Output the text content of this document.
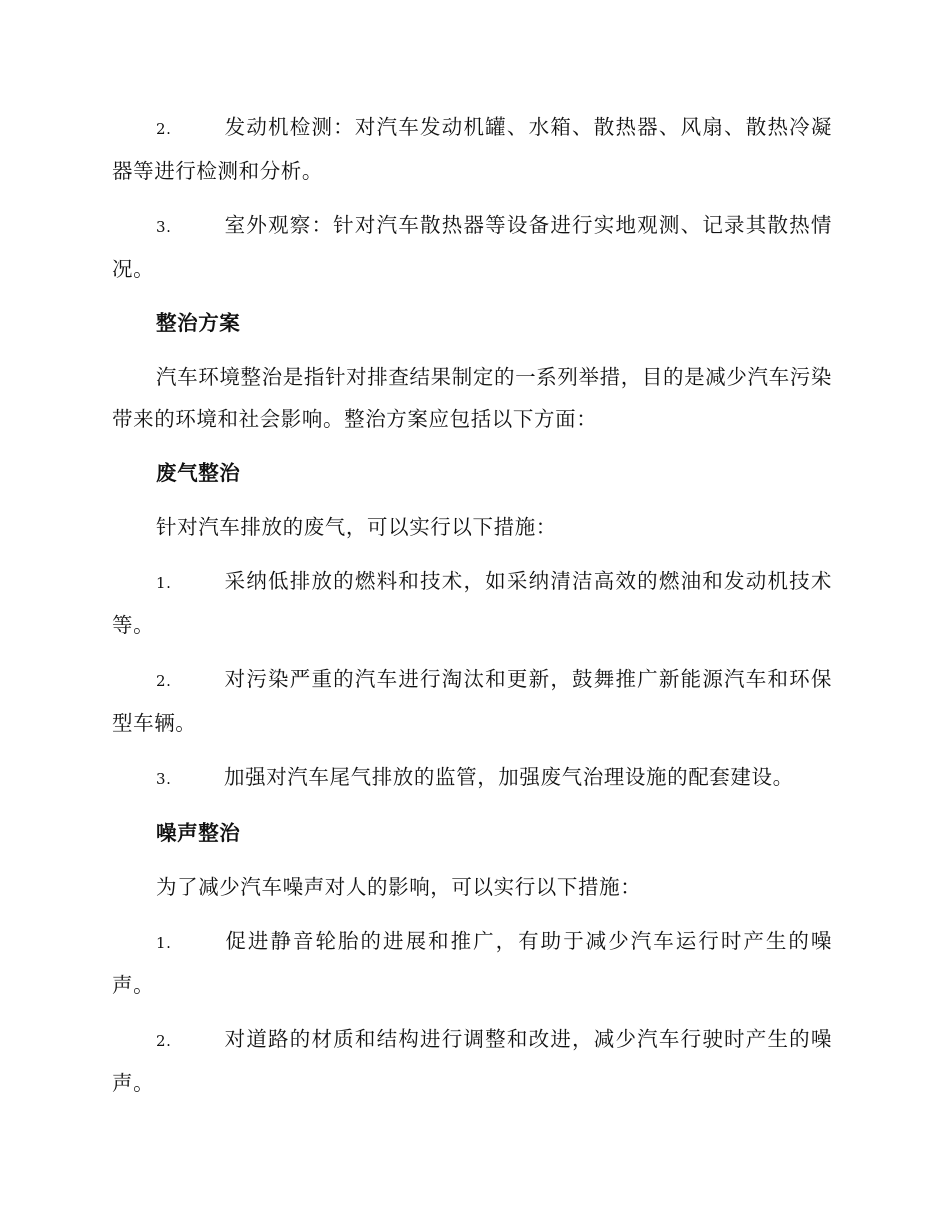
2.	发动机检测：对汽车发动机罐、水箱、散热器、风扇、散热冷凝器等进行检测和分析。

3.	室外观察：针对汽车散热器等设备进行实地观测、记录其散热情况。

整治方案

汽车环境整治是指针对排查结果制定的一系列举措，目的是减少汽车污染带来的环境和社会影响。整治方案应包括以下方面：

废气整治

针对汽车排放的废气，可以实行以下措施：

1.	采纳低排放的燃料和技术，如采纳清洁高效的燃油和发动机技术等。

2.	对污染严重的汽车进行淘汰和更新，鼓舞推广新能源汽车和环保型车辆。

3.	加强对汽车尾气排放的监管，加强废气治理设施的配套建设。

噪声整治

为了减少汽车噪声对人的影响，可以实行以下措施：

1.	促进静音轮胎的进展和推广，有助于减少汽车运行时产生的噪声。

2.	对道路的材质和结构进行调整和改进，减少汽车行驶时产生的噪声。
